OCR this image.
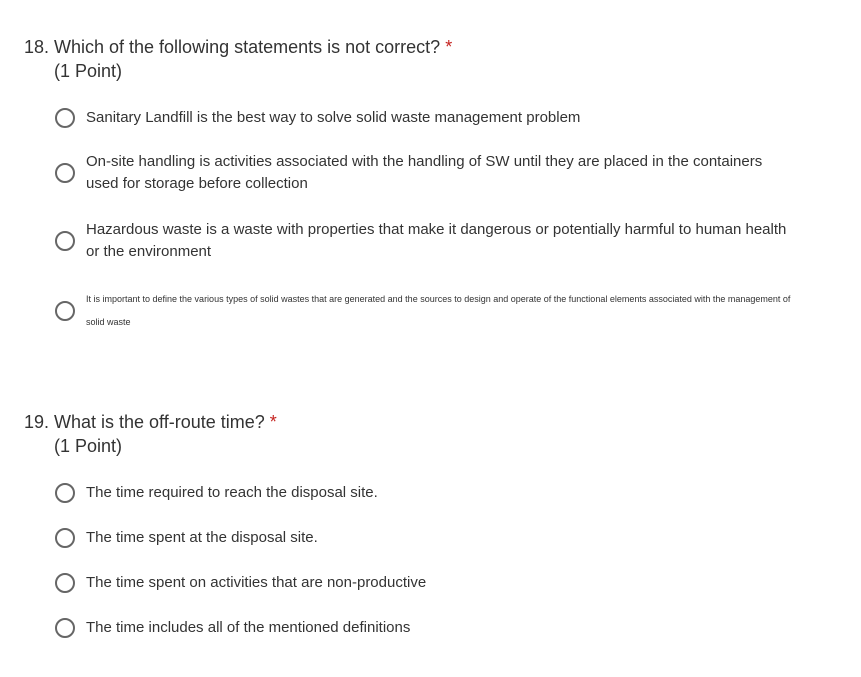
18. Which of the following statements is not correct? *
(1 Point)
Sanitary Landfill is the best way to solve solid waste management problem
On-site handling is activities associated with the handling of SW until they are placed in the containers used for storage before collection
Hazardous waste is a waste with properties that make it dangerous or potentially harmful to human health or the environment
It is important to define the various types of solid wastes that are generated and the sources to design and operate of the functional elements associated with the management of solid waste
19. What is the off-route time? *
(1 Point)
The time required to reach the disposal site.
The time spent at the disposal site.
The time spent on activities that are non-productive
The time includes all of the mentioned definitions
